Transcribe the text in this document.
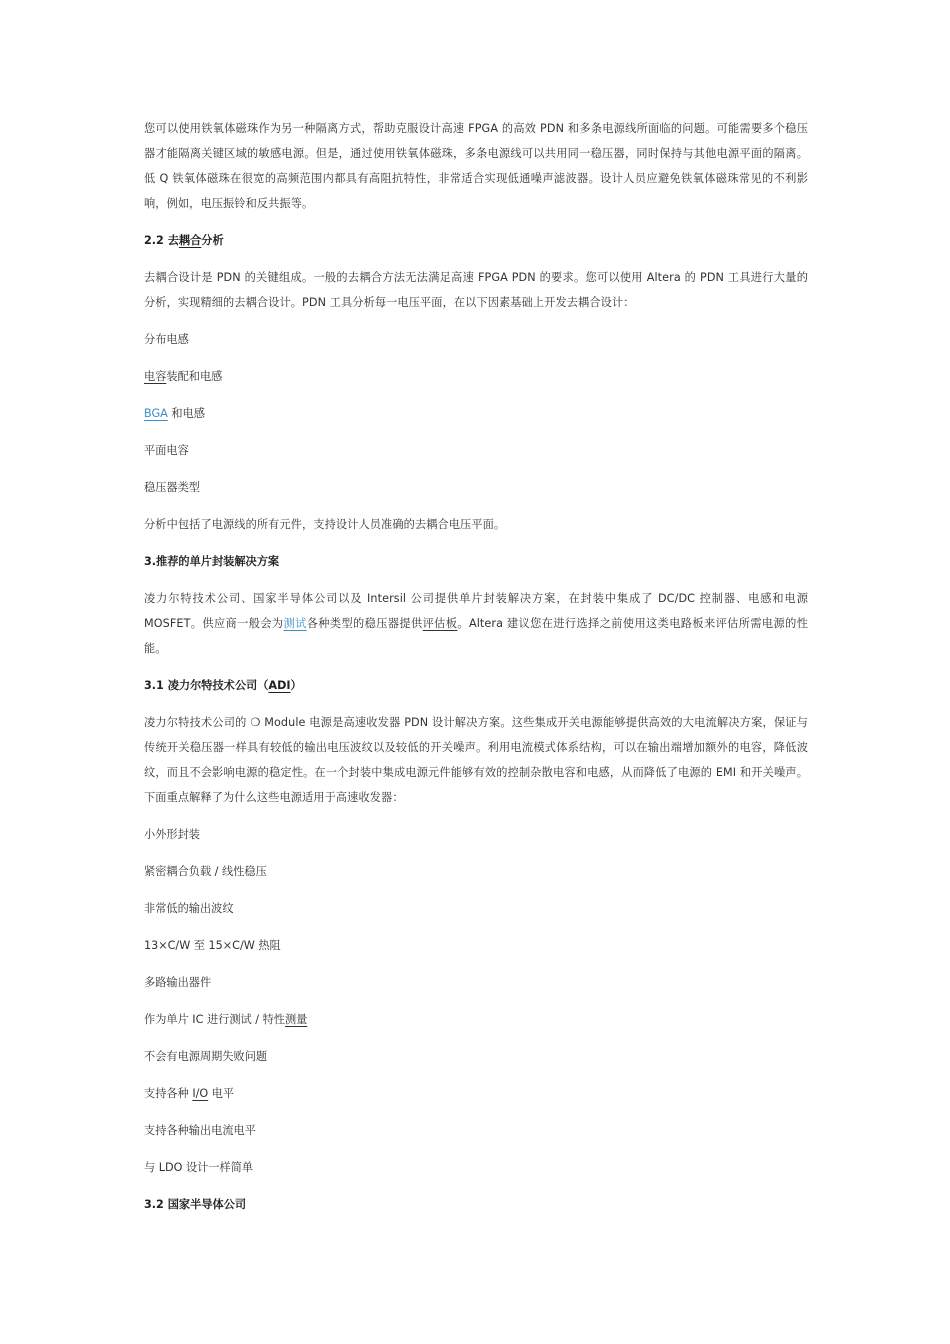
您可以使用铁氧体磁珠作为另一种隔离方式，帮助克服设计高速 FPGA 的高效 PDN 和多条电源线所面临的问题。可能需要多个稳压器才能隔离关键区域的敏感电源。但是，通过使用铁氧体磁珠，多条电源线可以共用同一稳压器，同时保持与其他电源平面的隔离。低 Q 铁氧体磁珠在很宽的高频范围内都具有高阻抗特性，非常适合实现低通噪声滤波器。设计人员应避免铁氧体磁珠常见的不利影响，例如，电压振铃和反共振等。

2.2 去耦合分析

去耦合设计是 PDN 的关键组成。一般的去耦合方法无法满足高速 FPGA PDN 的要求。您可以使用 Altera 的 PDN 工具进行大量的分析，实现精细的去耦合设计。PDN 工具分析每一电压平面，在以下因素基础上开发去耦合设计：

分布电感
电容装配和电感
BGA 和电感
平面电容
稳压器类型

分析中包括了电源线的所有元件，支持设计人员准确的去耦合电压平面。

3.推荐的单片封装解决方案

凌力尔特技术公司、国家半导体公司以及 Intersil 公司提供单片封装解决方案，在封装中集成了 DC/DC 控制器、电感和电源 MOSFET。供应商一般会为测试各种类型的稳压器提供评估板。Altera 建议您在进行选择之前使用这类电路板来评估所需电源的性能。

3.1 凌力尔特技术公司（ADI）

凌力尔特技术公司的 ❍ Module 电源是高速收发器 PDN 设计解决方案。这些集成开关电源能够提供高效的大电流解决方案，保证与传统开关稳压器一样具有较低的输出电压波纹以及较低的开关噪声。利用电流模式体系结构，可以在输出端增加额外的电容，降低波纹，而且不会影响电源的稳定性。在一个封装中集成电源元件能够有效的控制杂散电容和电感，从而降低了电源的 EMI 和开关噪声。下面重点解释了为什么这些电源适用于高速收发器：

小外形封装
紧密耦合负载 / 线性稳压
非常低的输出波纹
13×C/W 至 15×C/W 热阻
多路输出器件
作为单片 IC 进行测试 / 特性测量
不会有电源周期失败问题
支持各种 I/O 电平
支持各种输出电流电平
与 LDO 设计一样简单
3.2 国家半导体公司
